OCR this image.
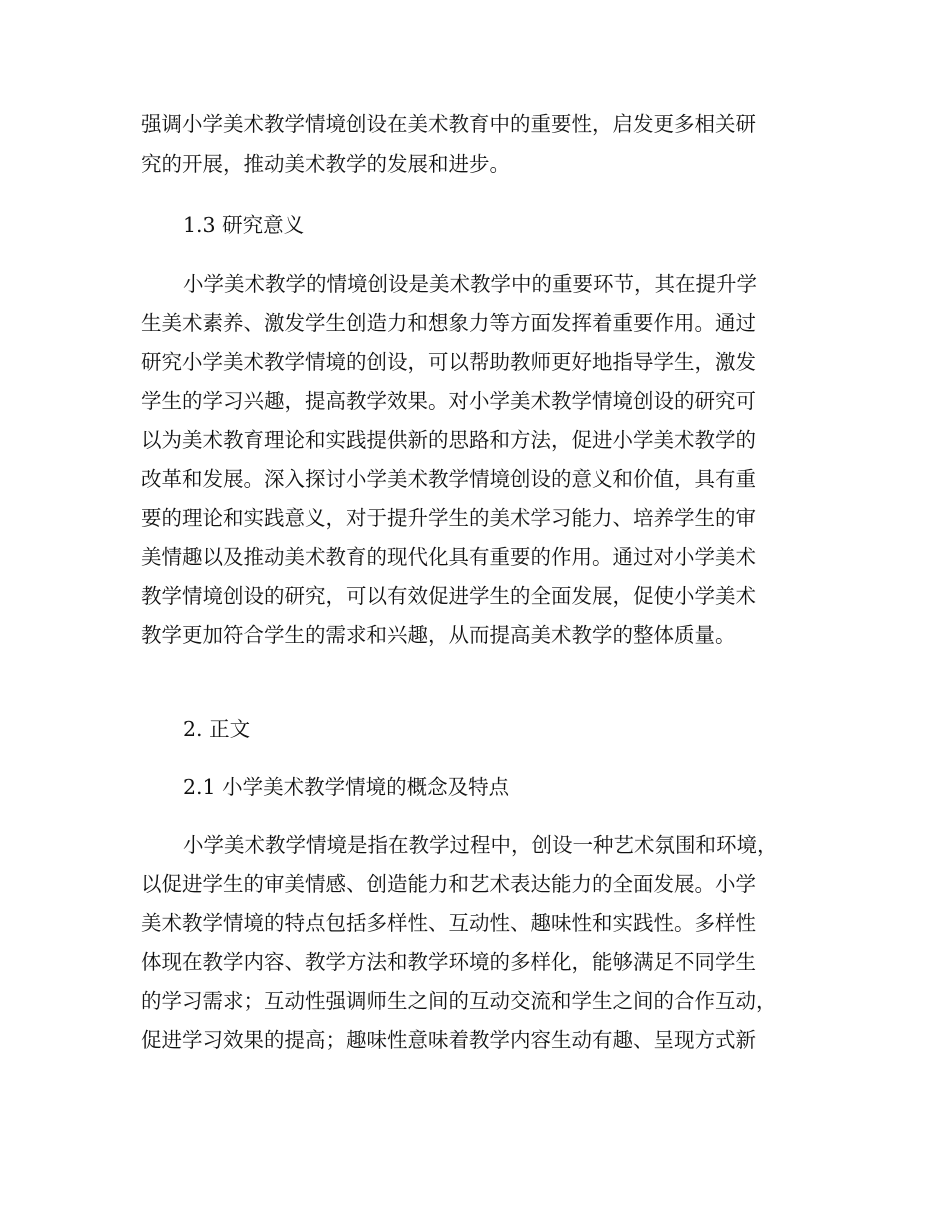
强调小学美术教学情境创设在美术教育中的重要性，启发更多相关研
究的开展，推动美术教学的发展和进步。
1.3 研究意义
小学美术教学的情境创设是美术教学中的重要环节，其在提升学
生美术素养、激发学生创造力和想象力等方面发挥着重要作用。通过
研究小学美术教学情境的创设，可以帮助教师更好地指导学生，激发
学生的学习兴趣，提高教学效果。对小学美术教学情境创设的研究可
以为美术教育理论和实践提供新的思路和方法，促进小学美术教学的
改革和发展。深入探讨小学美术教学情境创设的意义和价值，具有重
要的理论和实践意义，对于提升学生的美术学习能力、培养学生的审
美情趣以及推动美术教育的现代化具有重要的作用。通过对小学美术
教学情境创设的研究，可以有效促进学生的全面发展，促使小学美术
教学更加符合学生的需求和兴趣，从而提高美术教学的整体质量。
2. 正文
2.1 小学美术教学情境的概念及特点
小学美术教学情境是指在教学过程中，创设一种艺术氛围和环境，
以促进学生的审美情感、创造能力和艺术表达能力的全面发展。小学
美术教学情境的特点包括多样性、互动性、趣味性和实践性。多样性
体现在教学内容、教学方法和教学环境的多样化，能够满足不同学生
的学习需求；互动性强调师生之间的互动交流和学生之间的合作互动，
促进学习效果的提高；趣味性意味着教学内容生动有趣、呈现方式新
